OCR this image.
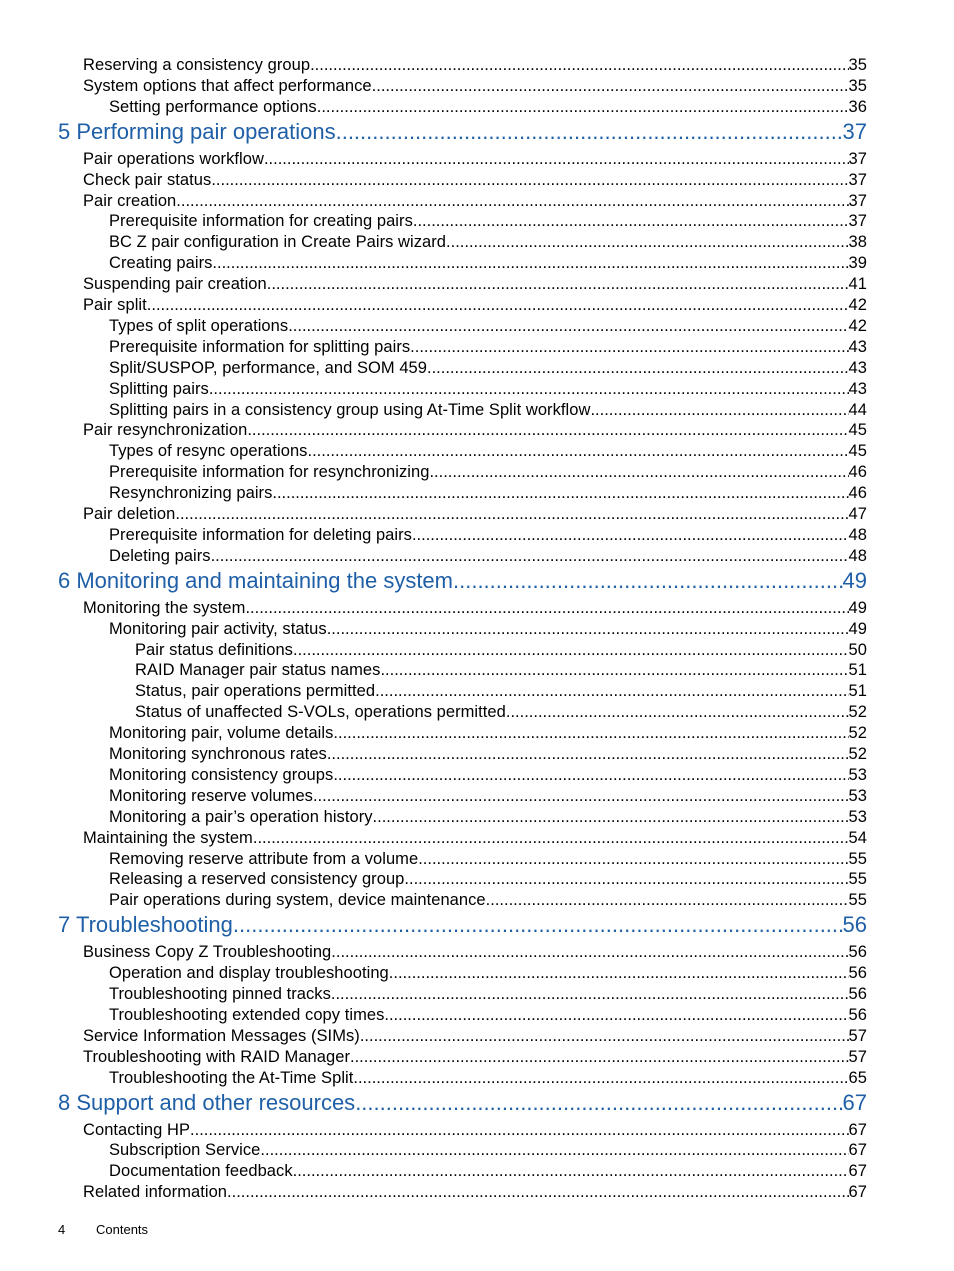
Reserving a consistency group .....	35
System options that affect performance .....	35
Setting performance options .....	36
5 Performing pair operations .....	37
Pair operations workflow .....	37
Check pair status .....	37
Pair creation .....	37
Prerequisite information for creating pairs .....	37
BC Z pair configuration in Create Pairs wizard .....	38
Creating pairs .....	39
Suspending pair creation .....	41
Pair split .....	42
Types of split operations .....	42
Prerequisite information for splitting pairs .....	43
Split/SUSPOP, performance, and SOM 459 .....	43
Splitting pairs .....	43
Splitting pairs in a consistency group using At-Time Split workflow .....	44
Pair resynchronization .....	45
Types of resync operations .....	45
Prerequisite information for resynchronizing .....	46
Resynchronizing pairs .....	46
Pair deletion .....	47
Prerequisite information for deleting pairs .....	48
Deleting pairs .....	48
6 Monitoring and maintaining the system .....	49
Monitoring the system .....	49
Monitoring pair activity, status .....	49
Pair status definitions .....	50
RAID Manager pair status names .....	51
Status, pair operations permitted .....	51
Status of unaffected S-VOLs, operations permitted .....	52
Monitoring pair, volume details .....	52
Monitoring synchronous rates .....	52
Monitoring consistency groups .....	53
Monitoring reserve volumes .....	53
Monitoring a pair’s operation history .....	53
Maintaining the system .....	54
Removing reserve attribute from a volume .....	55
Releasing a reserved consistency group .....	55
Pair operations during system, device maintenance .....	55
7 Troubleshooting .....	56
Business Copy Z Troubleshooting .....	56
Operation and display troubleshooting .....	56
Troubleshooting pinned tracks .....	56
Troubleshooting extended copy times .....	56
Service Information Messages (SIMs) .....	57
Troubleshooting with RAID Manager .....	57
Troubleshooting the At-Time Split .....	65
8 Support and other resources .....	67
Contacting HP .....	67
Subscription Service .....	67
Documentation feedback .....	67
Related information .....	67
4 Contents
